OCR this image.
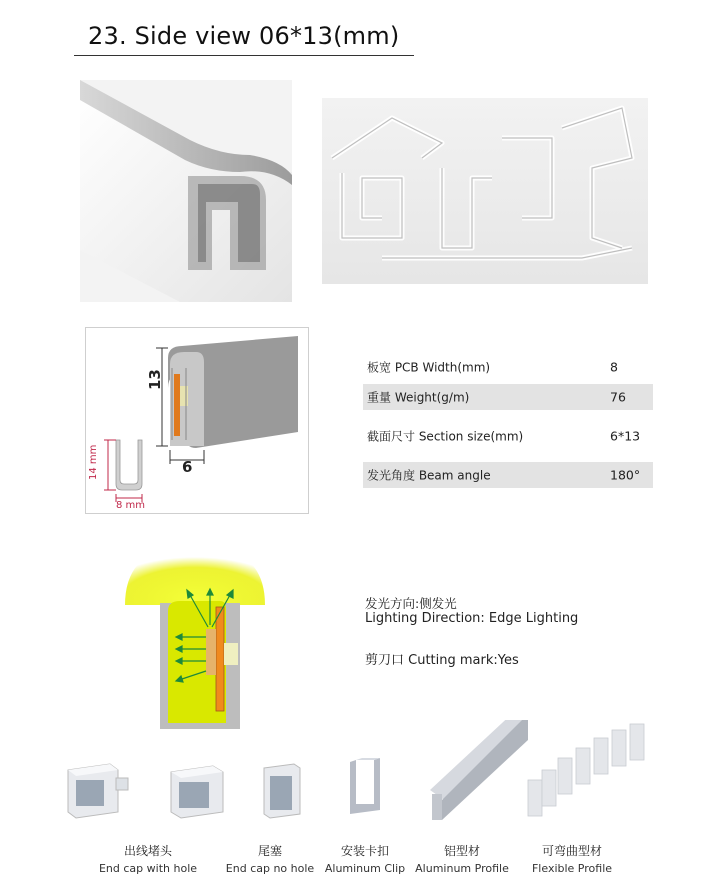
23. Side view 06*13(mm)
13
6
14 mm
8 mm
板宽 PCB Width(mm)	8
重量 Weight(g/m)	76
截面尺寸 Section size(mm)	6*13
发光角度 Beam angle	180°
发光方向:侧发光
Lighting Direction: Edge Lighting
剪刀口 Cutting mark:Yes
出线堵头
End cap with hole
尾塞
End cap no hole
安装卡扣
Aluminum Clip
铝型材
Aluminum Profile
可弯曲型材
Flexible Profile
